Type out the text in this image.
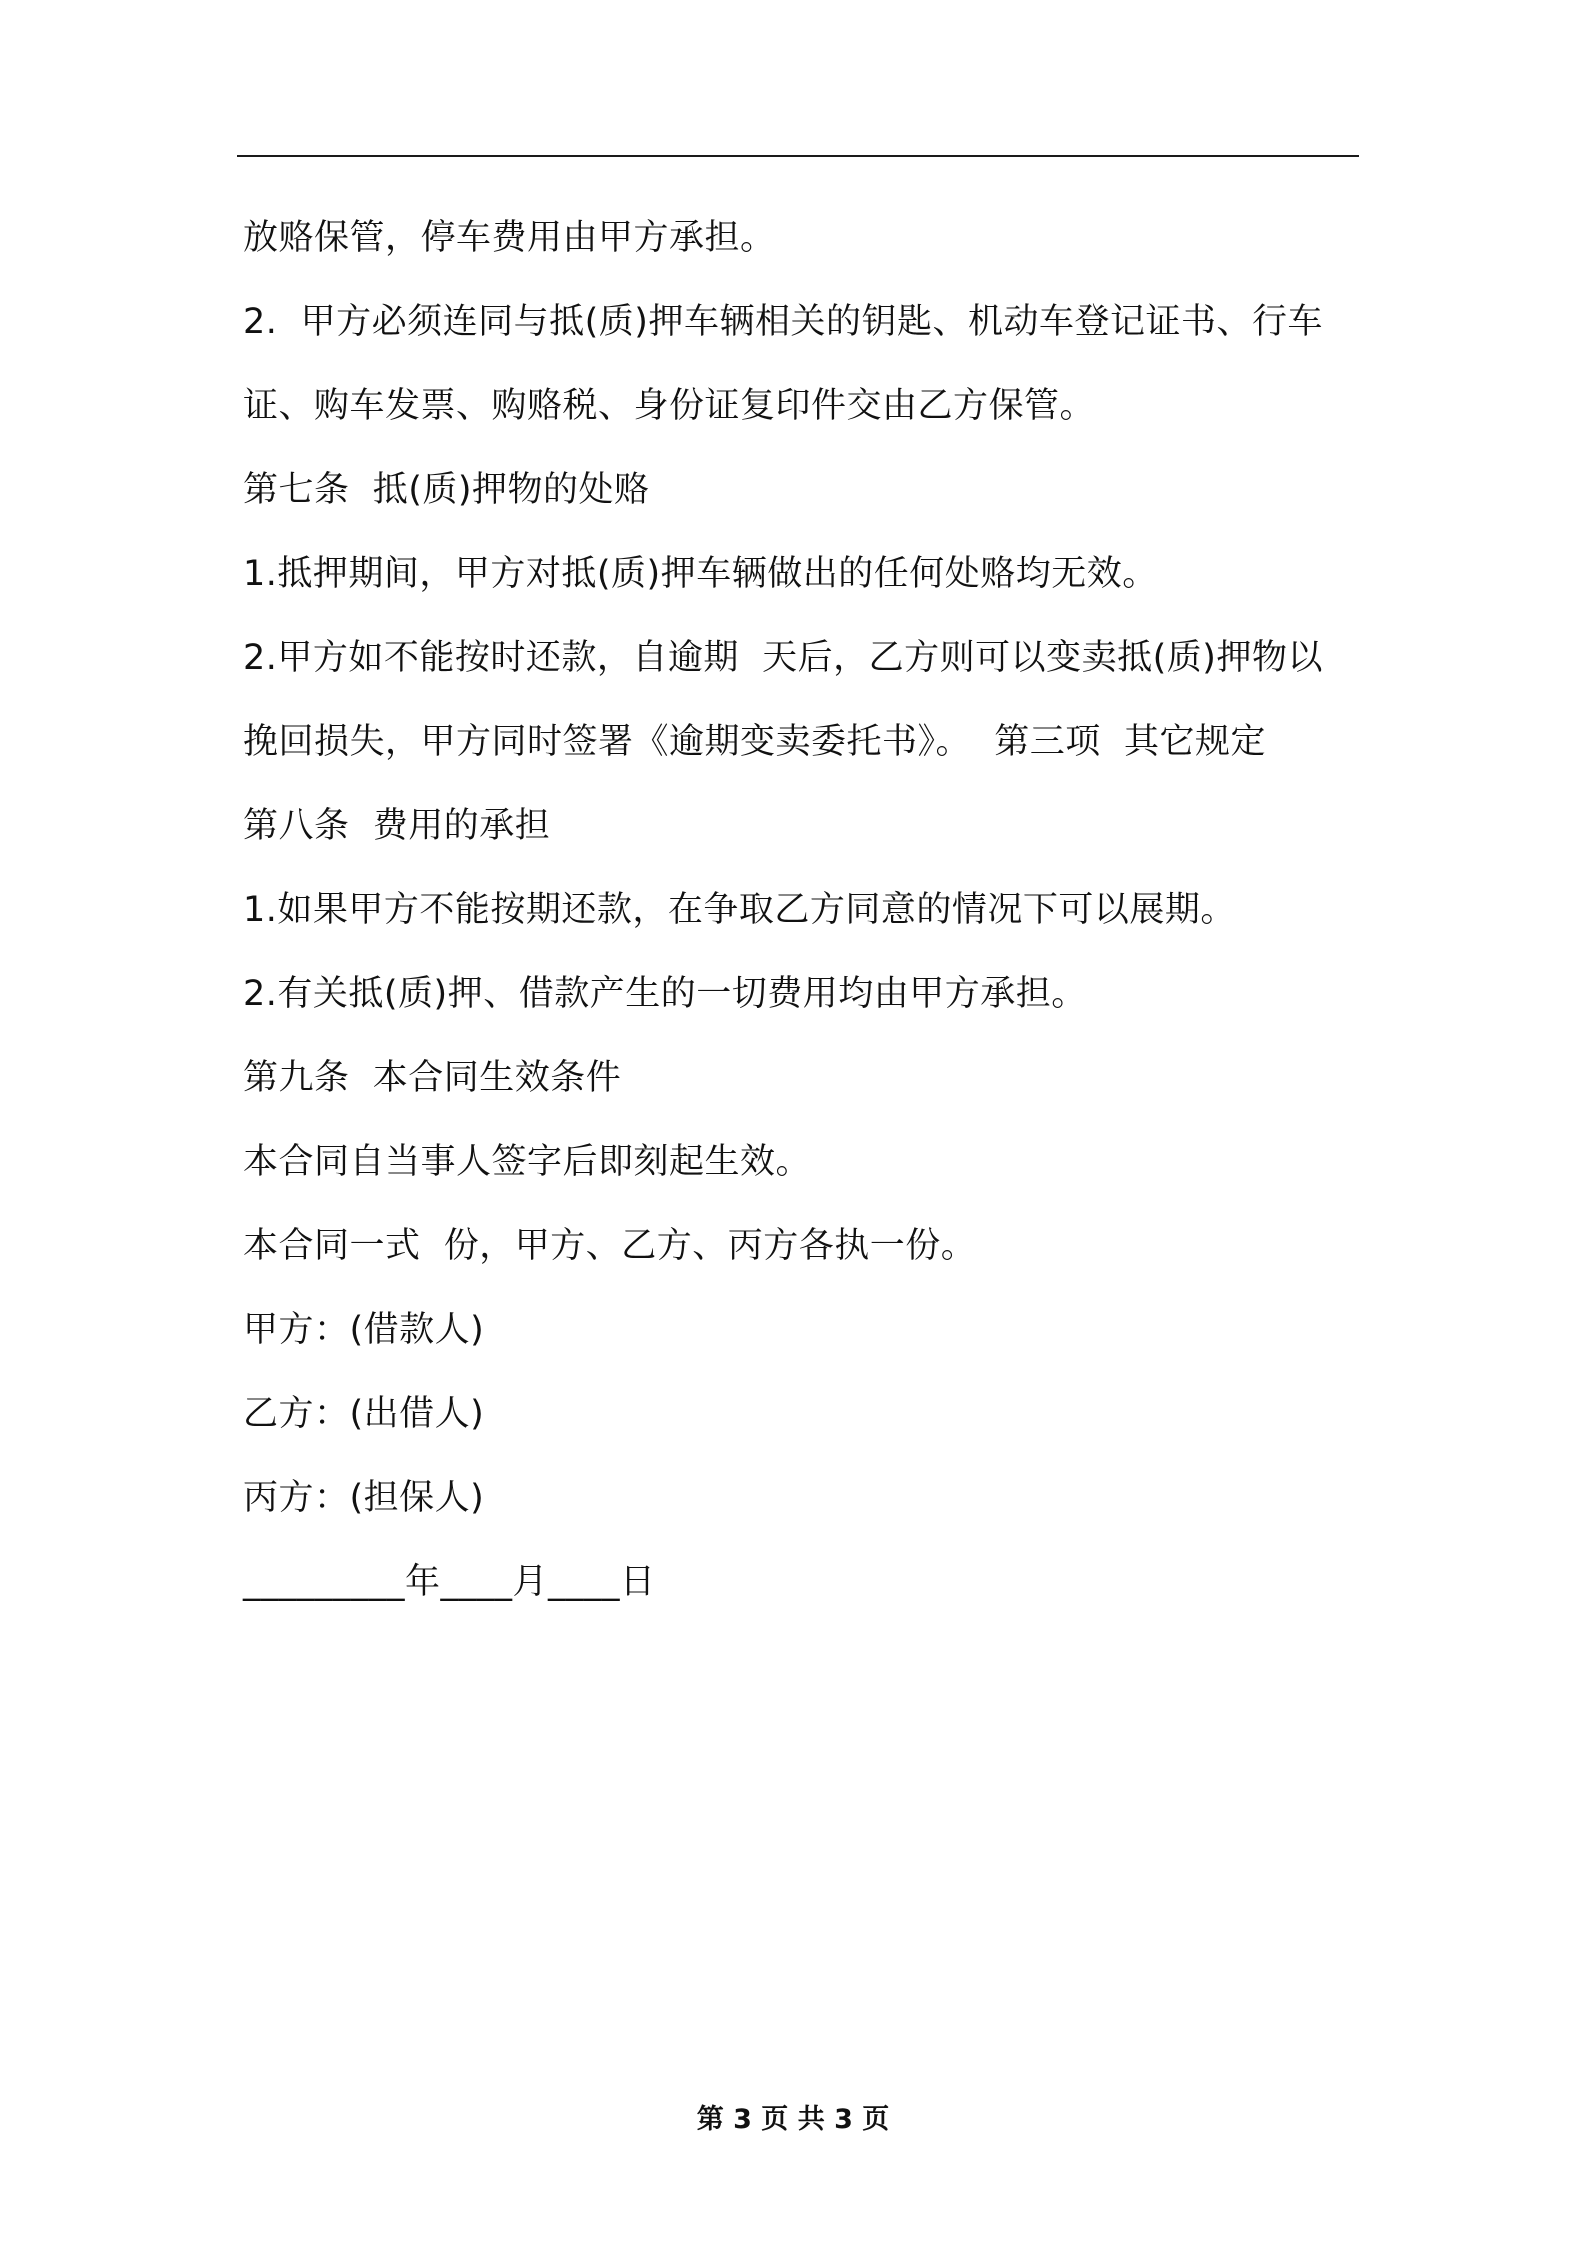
放赂保管，停车费用由甲方承担。
2.  甲方必须连同与抵(质)押车辆相关的钥匙、机动车登记证书、行车
证、购车发票、购赂税、身份证复印件交由乙方保管。
第七条  抵(质)押物的处赂
1.抵押期间，甲方对抵(质)押车辆做出的任何处赂均无效。
2.甲方如不能按时还款，自逾期  天后，乙方则可以变卖抵(质)押物以
挽回损失，甲方同时签署《逾期变卖委托书》。  第三项  其它规定
第八条  费用的承担
1.如果甲方不能按期还款，在争取乙方同意的情况下可以展期。
2.有关抵(质)押、借款产生的一切费用均由甲方承担。
第九条  本合同生效条件
本合同自当事人签字后即刻起生效。
本合同一式  份，甲方、乙方、丙方各执一份。
甲方：(借款人)
乙方：(出借人)
丙方：(担保人)
_________年____月____日
第 3 页 共 3 页
